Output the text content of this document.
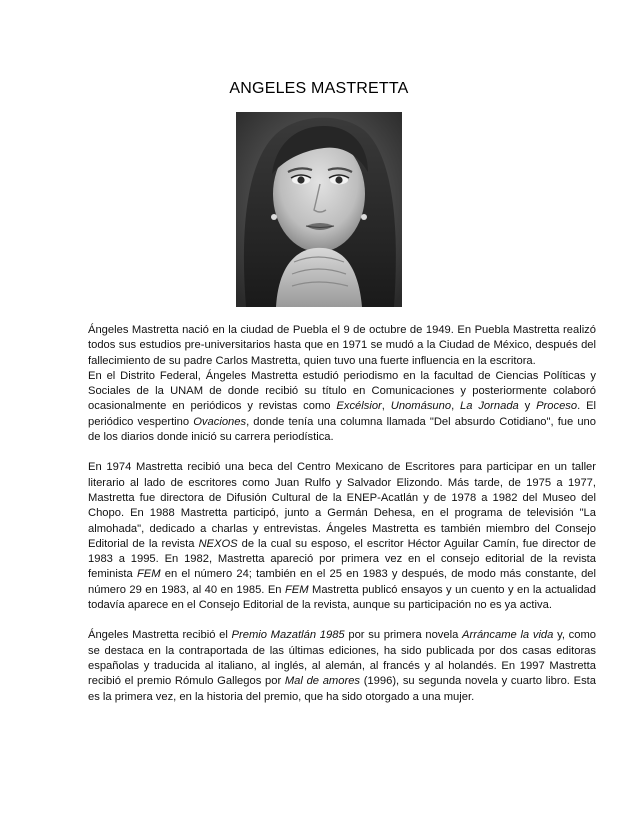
ANGELES MASTRETTA

Ángeles Mastretta nació en la ciudad de Puebla el 9 de octubre de 1949. En Puebla Mastretta realizó todos sus estudios pre-universitarios hasta que en 1971 se mudó a la Ciudad de México, después del fallecimiento de su padre Carlos Mastretta, quien tuvo una fuerte influencia en la escritora.

En el Distrito Federal, Ángeles Mastretta estudió periodismo en la facultad de Ciencias Políticas y Sociales de la UNAM de donde recibió su título en Comunicaciones y posteriormente colaboró ocasionalmente en periódicos y revistas como Excélsior, Unomásuno, La Jornada y Proceso. El periódico vespertino Ovaciones, donde tenía una columna llamada "Del absurdo Cotidiano", fue uno de los diarios donde inició su carrera periodística.

En 1974 Mastretta recibió una beca del Centro Mexicano de Escritores para participar en un taller literario al lado de escritores como Juan Rulfo y Salvador Elizondo. Más tarde, de 1975 a 1977, Mastretta fue directora de Difusión Cultural de la ENEP-Acatlán y de 1978 a 1982 del Museo del Chopo. En 1988 Mastretta participó, junto a Germán Dehesa, en el programa de televisión "La almohada", dedicado a charlas y entrevistas. Ángeles Mastretta es también miembro del Consejo Editorial de la revista NEXOS de la cual su esposo, el escritor Héctor Aguilar Camín, fue director de 1983 a 1995. En 1982, Mastretta apareció por primera vez en el consejo editorial de la revista feminista FEM en el número 24; también en el 25 en 1983 y después, de modo más constante, del número 29 en 1983, al 40 en 1985. En FEM Mastretta publicó ensayos y un cuento y en la actualidad todavía aparece en el Consejo Editorial de la revista, aunque su participación no es ya activa.

Ángeles Mastretta recibió el Premio Mazatlán 1985 por su primera novela Arráncame la vida y, como se destaca en la contraportada de las últimas ediciones, ha sido publicada por dos casas editoras españolas y traducida al italiano, al inglés, al alemán, al francés y al holandés. En 1997 Mastretta recibió el premio Rómulo Gallegos por Mal de amores (1996), su segunda novela y cuarto libro. Esta es la primera vez, en la historia del premio, que ha sido otorgado a una mujer.
